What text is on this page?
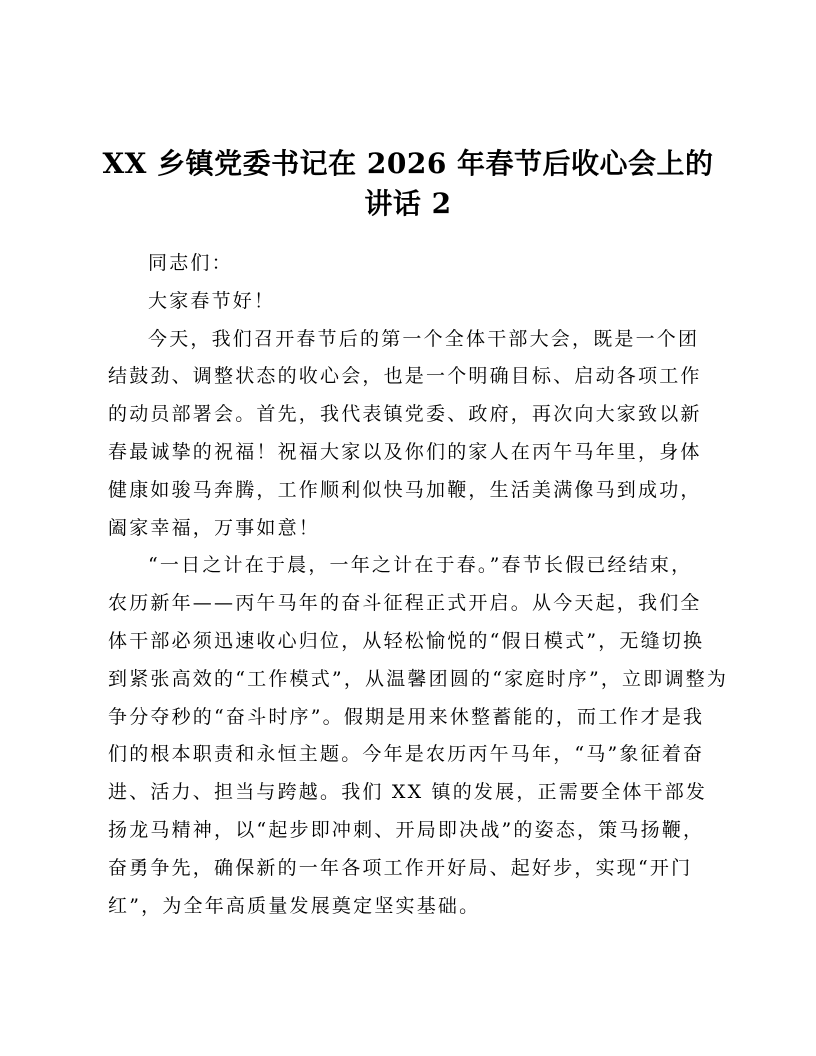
XX 乡镇党委书记在 2026 年春节后收心会上的
讲话 2

同志们：

大家春节好！

今天，我们召开春节后的第一个全体干部大会，既是一个团
结鼓劲、调整状态的收心会，也是一个明确目标、启动各项工作
的动员部署会。首先，我代表镇党委、政府，再次向大家致以新
春最诚挚的祝福！祝福大家以及你们的家人在丙午马年里，身体
健康如骏马奔腾，工作顺利似快马加鞭，生活美满像马到成功，
阖家幸福，万事如意！
“一日之计在于晨，一年之计在于春。”春节长假已经结束，
农历新年——丙午马年的奋斗征程正式开启。从今天起，我们全
体干部必须迅速收心归位，从轻松愉悦的“假日模式”，无缝切换
到紧张高效的“工作模式”，从温馨团圆的“家庭时序”，立即调整为
争分夺秒的“奋斗时序”。假期是用来休整蓄能的，而工作才是我
们的根本职责和永恒主题。今年是农历丙午马年，“马”象征着奋
进、活力、担当与跨越。我们 XX 镇的发展，正需要全体干部发
扬龙马精神，以“起步即冲刺、开局即决战”的姿态，策马扬鞭，
奋勇争先，确保新的一年各项工作开好局、起好步，实现“开门
红”，为全年高质量发展奠定坚实基础。
